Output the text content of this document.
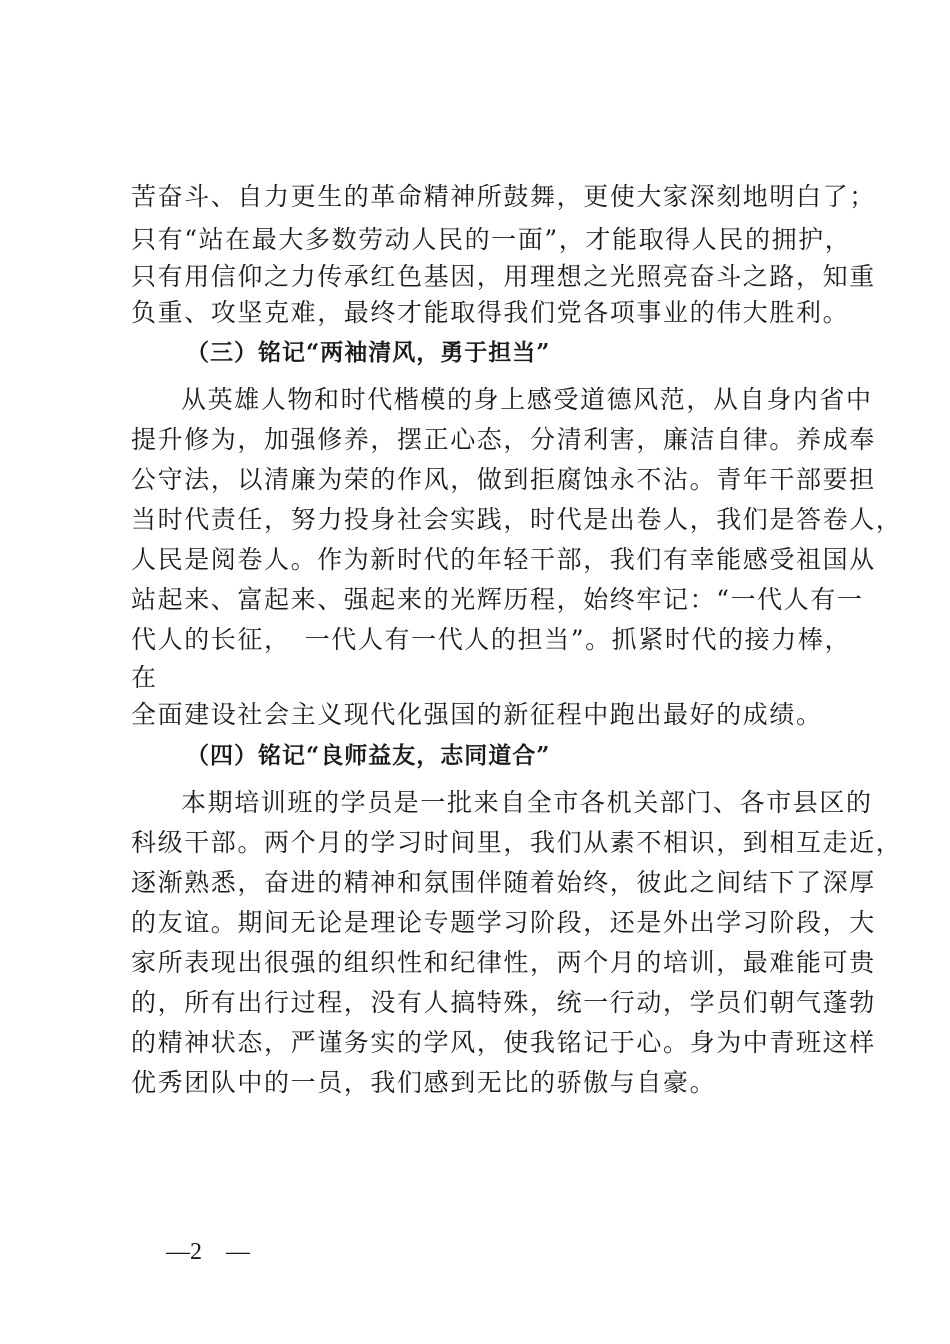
苦奋斗、自力更生的革命精神所鼓舞，更使大家深刻地明白了；
只有“站在最大多数劳动人民的一面”，才能取得人民的拥护，
只有用信仰之力传承红色基因，用理想之光照亮奋斗之路，知重
负重、攻坚克难，最终才能取得我们党各项事业的伟大胜利。
（三）铭记“两袖清风，勇于担当”
从英雄人物和时代楷模的身上感受道德风范，从自身内省中
提升修为，加强修养，摆正心态，分清利害，廉洁自律。养成奉
公守法，以清廉为荣的作风，做到拒腐蚀永不沾。青年干部要担
当时代责任，努力投身社会实践，时代是出卷人，我们是答卷人，
人民是阅卷人。作为新时代的年轻干部，我们有幸能感受祖国从
站起来、富起来、强起来的光辉历程，始终牢记：“一代人有一
代人的长征，　一代人有一代人的担当”。抓紧时代的接力棒，
在
全面建设社会主义现代化强国的新征程中跑出最好的成绩。
（四）铭记“良师益友，志同道合”
本期培训班的学员是一批来自全市各机关部门、各市县区的
科级干部。两个月的学习时间里，我们从素不相识，到相互走近，
逐渐熟悉，奋进的精神和氛围伴随着始终，彼此之间结下了深厚
的友谊。期间无论是理论专题学习阶段，还是外出学习阶段，大
家所表现出很强的组织性和纪律性，两个月的培训，最难能可贵
的，所有出行过程，没有人搞特殊，统一行动，学员们朝气蓬勃
的精神状态，严谨务实的学风，使我铭记于心。身为中青班这样
优秀团队中的一员，我们感到无比的骄傲与自豪。
—2　—
